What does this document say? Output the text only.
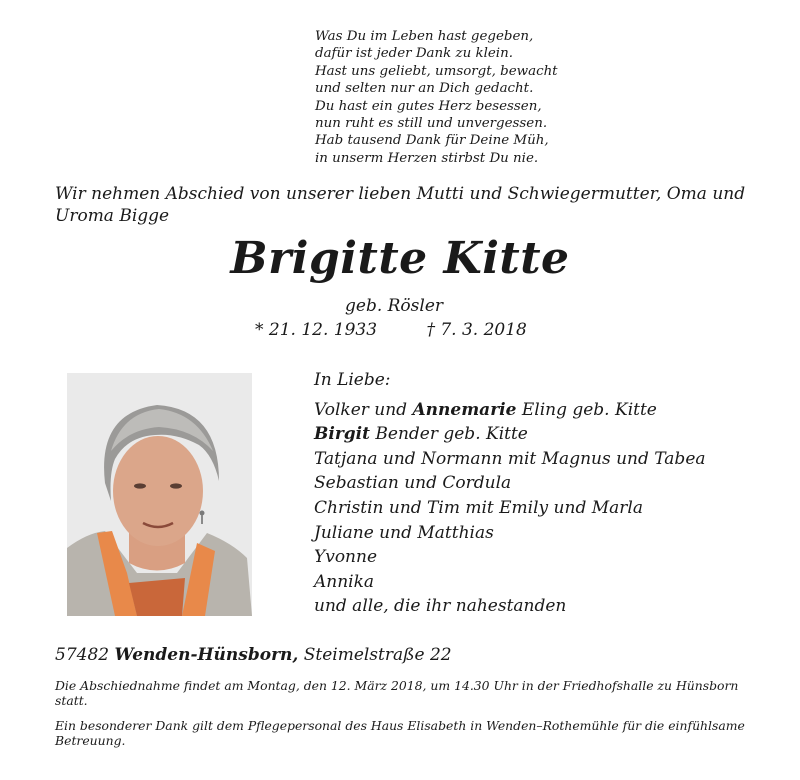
Was Du im Leben hast gegeben,
dafür ist jeder Dank zu klein.
Hast uns geliebt, umsorgt, bewacht
und selten nur an Dich gedacht.
Du hast ein gutes Herz besessen,
nun ruht es still und unvergessen.
Hab tausend Dank für Deine Müh,
in unserm Herzen stirbst Du nie.
Wir nehmen Abschied von unserer lieben Mutti und Schwiegermutter, Oma und Uroma Bigge
Brigitte Kitte
geb. Rösler
* 21. 12. 1933	† 7. 3. 2018
In Liebe:
Volker und Annemarie Eling geb. Kitte
Birgit Bender geb. Kitte
Tatjana und Normann mit Magnus und Tabea
Sebastian und Cordula
Christin und Tim mit Emily und Marla
Juliane und Matthias
Yvonne
Annika
und alle, die ihr nahestanden
57482 Wenden-Hünsborn, Steimelstraße 22
Die Abschiednahme findet am Montag, den 12. März 2018, um 14.30 Uhr in der Friedhofshalle zu Hünsborn statt.
Ein besonderer Dank gilt dem Pflegepersonal des Haus Elisabeth in Wenden–Rothemühle für die einfühlsame Betreuung.
